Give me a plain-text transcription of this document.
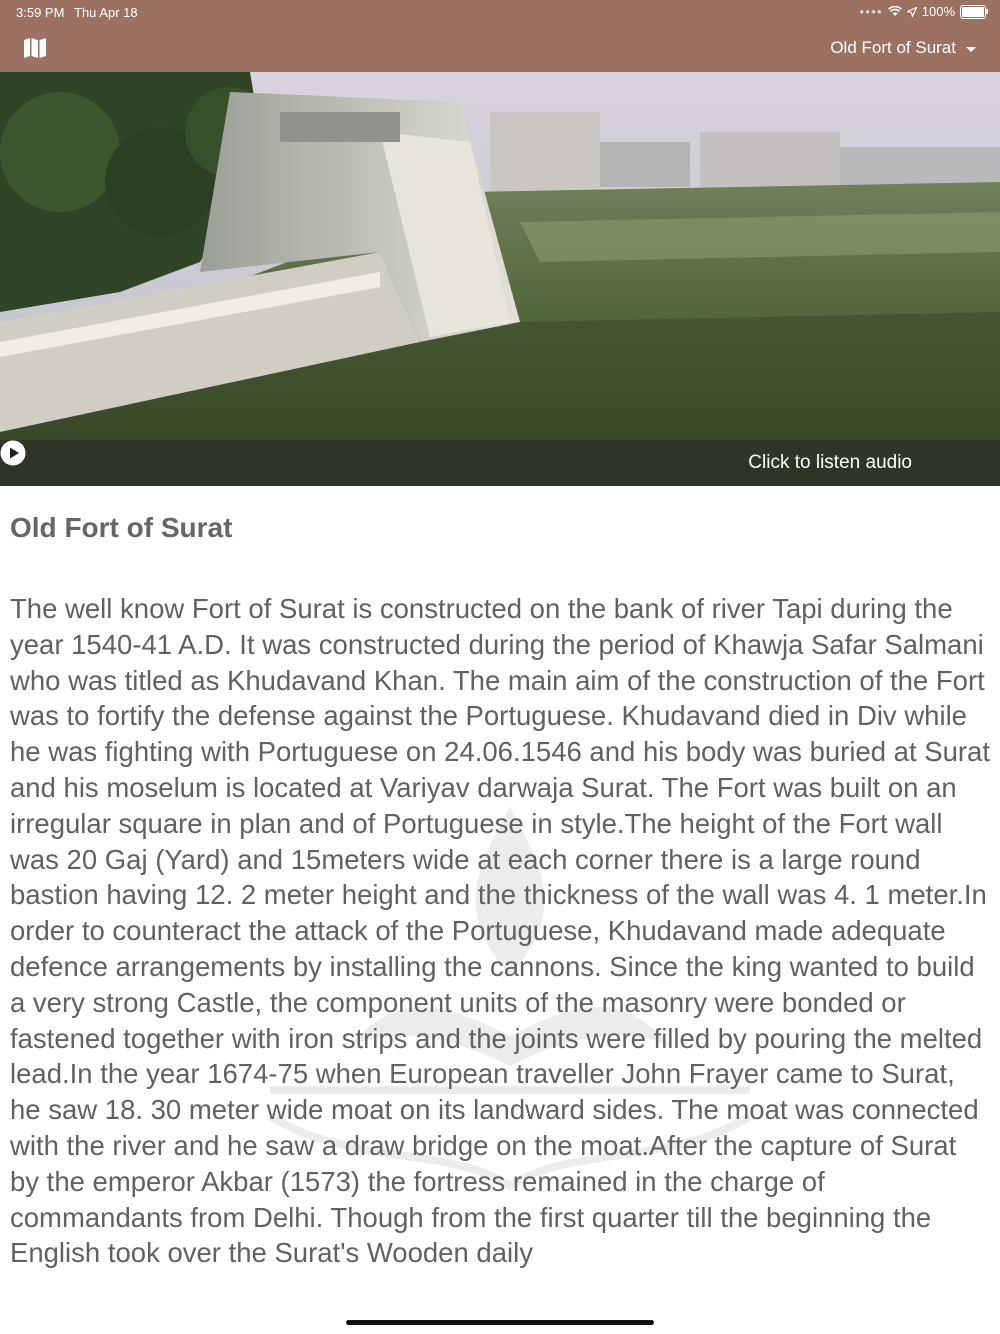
3:59 PM Thu Apr 18	●●●●	100%
Old Fort of Surat
Click to listen audio
Old Fort of Surat

The well know Fort of Surat is constructed on the bank of river Tapi during the year 1540-41 A.D. It was constructed during the period of Khawja Safar Salmani who was titled as Khudavand Khan. The main aim of the construction of the Fort was to fortify the defense against the Portuguese. Khudavand died in Div while he was fighting with Portuguese on 24.06.1546 and his body was buried at Surat and his moselum is located at Variyav darwaja Surat. The Fort was built on an irregular square in plan and of Portuguese in style.The height of the Fort wall was 20 Gaj (Yard) and 15meters wide at each corner there is a large round bastion having 12. 2 meter height and the thickness of the wall was 4. 1 meter.In order to counteract the attack of the Portuguese, Khudavand made adequate defence arrangements by installing the cannons. Since the king wanted to build a very strong Castle, the component units of the masonry were bonded or fastened together with iron strips and the joints were filled by pouring the melted lead.In the year 1674-75 when European traveller John Frayer came to Surat, he saw 18. 30 meter wide moat on its landward sides. The moat was connected with the river and he saw a draw bridge on the moat.After the capture of Surat by the emperor Akbar (1573) the fortress remained in the charge of commandants from Delhi. Though from the first quarter till the beginning the English took over the Surat's Wooden daily
